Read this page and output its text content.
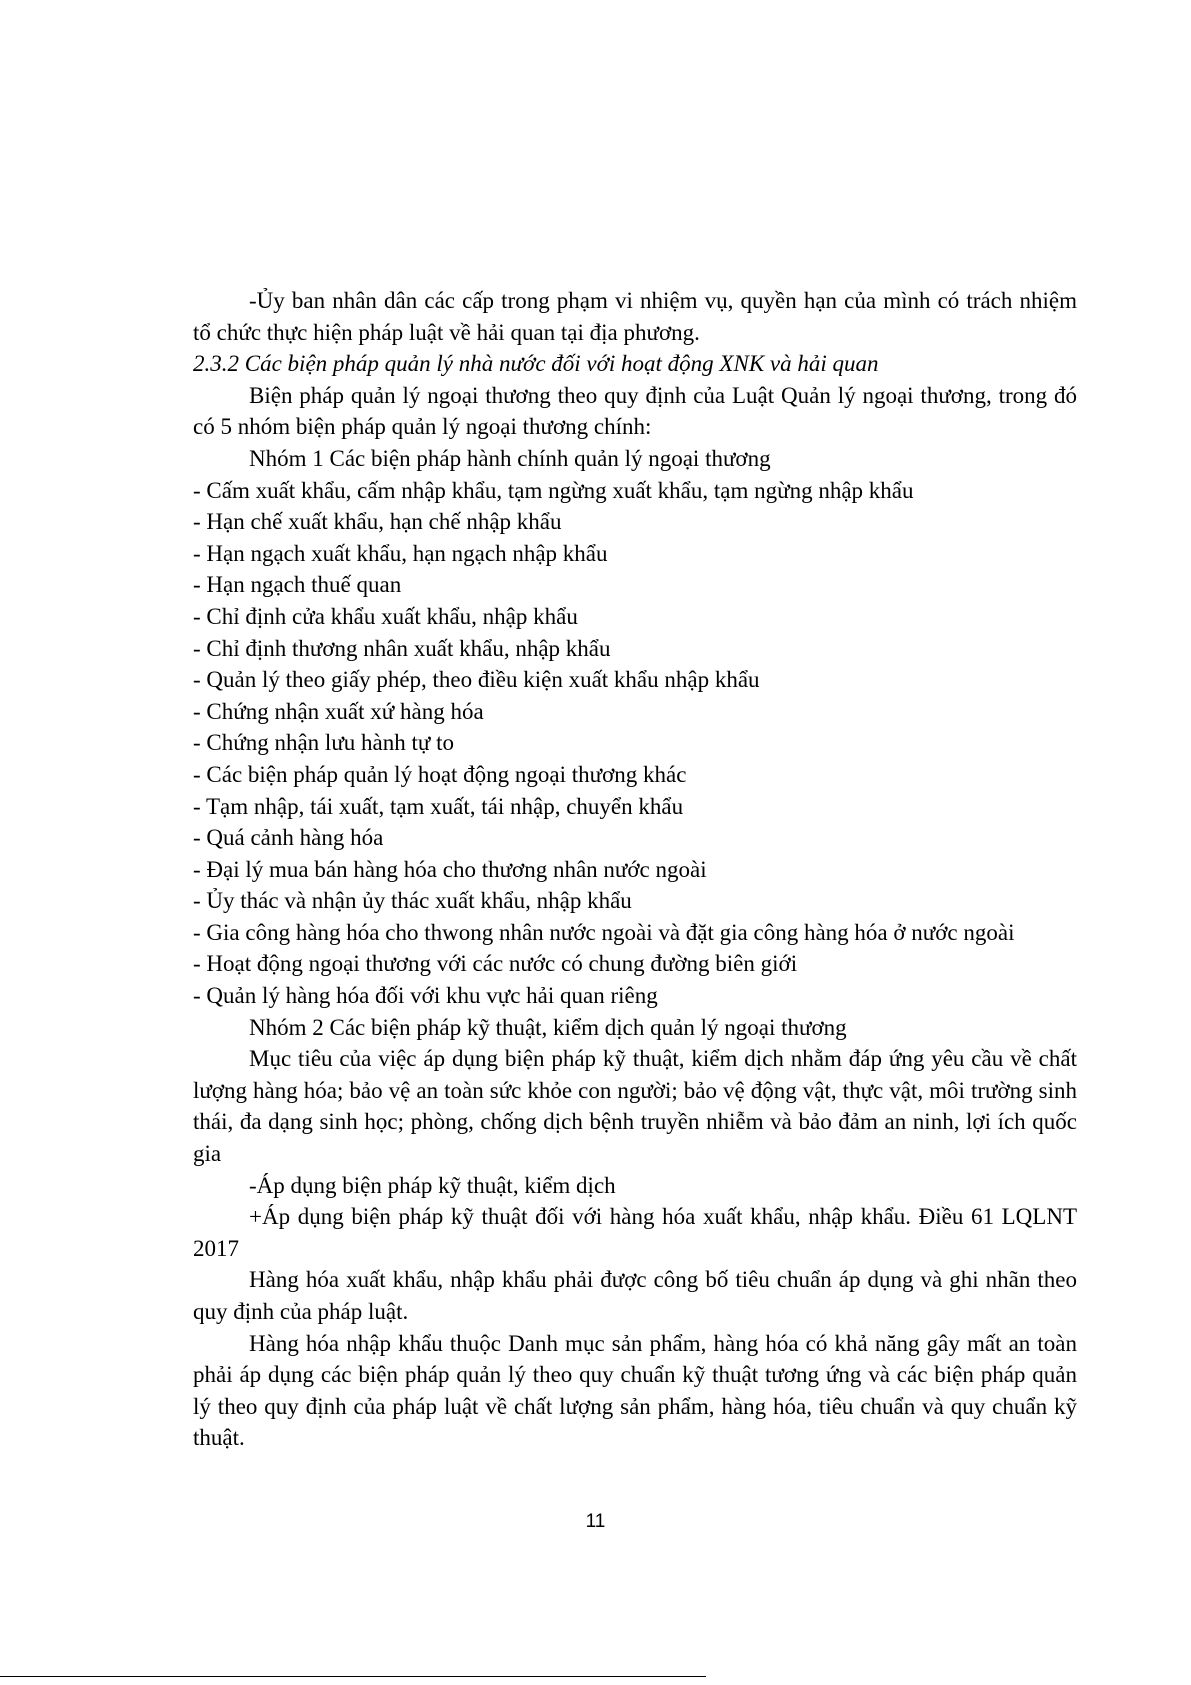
-Ủy ban nhân dân các cấp trong phạm vi nhiệm vụ, quyền hạn của mình có trách nhiệm tổ chức thực hiện pháp luật về hải quan tại địa phương.

2.3.2 Các biện pháp quản lý nhà nước đối với hoạt động XNK và hải quan

Biện pháp quản lý ngoại thương theo quy định của Luật Quản lý ngoại thương, trong đó có 5 nhóm biện pháp quản lý ngoại thương chính:

Nhóm 1 Các biện pháp hành chính quản lý ngoại thương

- Cấm xuất khẩu, cấm nhập khẩu, tạm ngừng xuất khẩu, tạm ngừng nhập khẩu

- Hạn chế xuất khẩu, hạn chế nhập khẩu

- Hạn ngạch xuất khẩu, hạn ngạch nhập khẩu

- Hạn ngạch thuế quan

- Chỉ định cửa khẩu xuất khẩu, nhập khẩu

- Chỉ định thương nhân xuất khẩu, nhập khẩu

- Quản lý theo giấy phép, theo điều kiện xuất khẩu nhập khẩu

- Chứng nhận xuất xứ hàng hóa

- Chứng nhận lưu hành tự to

- Các biện pháp quản lý hoạt động ngoại thương khác

- Tạm nhập, tái xuất, tạm xuất, tái nhập, chuyển khẩu

- Quá cảnh hàng hóa

- Đại lý mua bán hàng hóa cho thương nhân nước ngoài

- Ủy thác và nhận ủy thác xuất khẩu, nhập khẩu

- Gia công hàng hóa cho thwong nhân nước ngoài và đặt gia công hàng hóa ở nước ngoài

- Hoạt động ngoại thương với các nước có chung đường biên giới

- Quản lý hàng hóa đối với khu vực hải quan riêng

Nhóm 2 Các biện pháp kỹ thuật, kiểm dịch quản lý ngoại thương

Mục tiêu của việc áp dụng biện pháp kỹ thuật, kiểm dịch nhằm đáp ứng yêu cầu về chất lượng hàng hóa; bảo vệ an toàn sức khỏe con người; bảo vệ động vật, thực vật, môi trường sinh thái, đa dạng sinh học; phòng, chống dịch bệnh truyền nhiễm và bảo đảm an ninh, lợi ích quốc gia

-Áp dụng biện pháp kỹ thuật, kiểm dịch

+Áp dụng biện pháp kỹ thuật đối với hàng hóa xuất khẩu, nhập khẩu. Điều 61 LQLNT 2017

Hàng hóa xuất khẩu, nhập khẩu phải được công bố tiêu chuẩn áp dụng và ghi nhãn theo quy định của pháp luật.

Hàng hóa nhập khẩu thuộc Danh mục sản phẩm, hàng hóa có khả năng gây mất an toàn phải áp dụng các biện pháp quản lý theo quy chuẩn kỹ thuật tương ứng và các biện pháp quản lý theo quy định của pháp luật về chất lượng sản phẩm, hàng hóa, tiêu chuẩn và quy chuẩn kỹ thuật.

11
